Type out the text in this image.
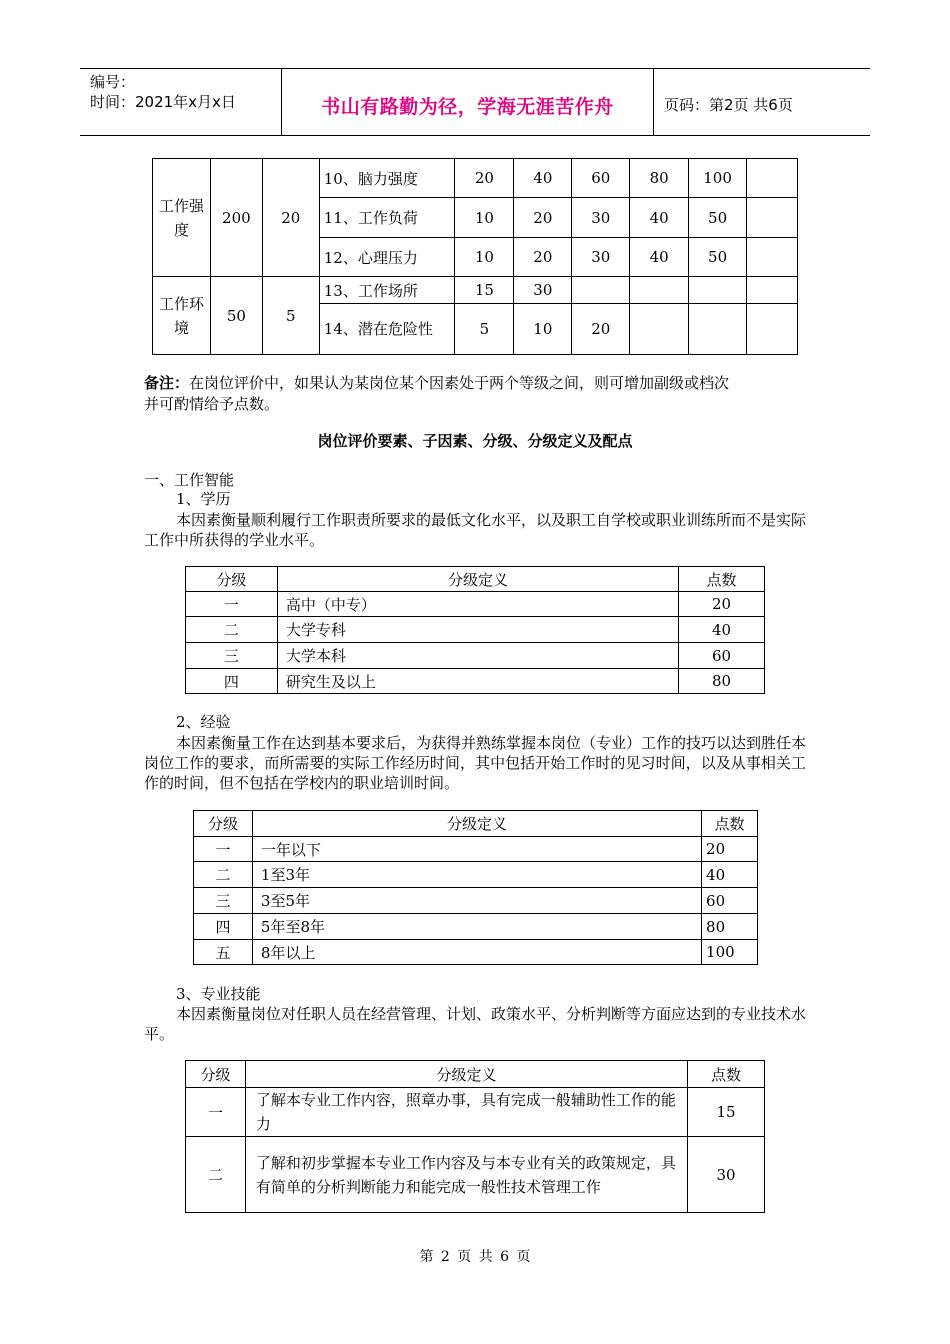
编号：
时间：2021年x月x日	书山有路勤为径，学海无涯苦作舟	页码：第2页 共6页
工作强度	200	20	10、脑力强度	20	40	60	80	100	
			11、工作负荷	10	20	30	40	50	
			12、心理压力	10	20	30	40	50	
工作环境	50	5	13、工作场所	15	30				
			14、潜在危险性	5	10	20			
备注：在岗位评价中，如果认为某岗位某个因素处于两个等级之间，则可增加副级或档次
并可酌情给予点数。
岗位评价要素、子因素、分级、分级定义及配点
一、工作智能
1、学历
本因素衡量顺利履行工作职责所要求的最低文化水平，以及职工自学校或职业训练所而不是实际工作中所获得的学业水平。
分级	分级定义	点数
一	高中（中专）	20
二	大学专科	40
三	大学本科	60
四	研究生及以上	80
2、经验
本因素衡量工作在达到基本要求后，为获得并熟练掌握本岗位（专业）工作的技巧以达到胜任本岗位工作的要求，而所需要的实际工作经历时间，其中包括开始工作时的见习时间，以及从事相关工作的时间，但不包括在学校内的职业培训时间。
分级	分级定义	点数
一	一年以下	20
二	1至3年	40
三	3至5年	60
四	5年至8年	80
五	8年以上	100
3、专业技能
本因素衡量岗位对任职人员在经营管理、计划、政策水平、分析判断等方面应达到的专业技术水平。
分级	分级定义	点数
一	了解本专业工作内容，照章办事，具有完成一般辅助性工作的能力	15
二	了解和初步掌握本专业工作内容及与本专业有关的政策规定，具有简单的分析判断能力和能完成一般性技术管理工作	30
第 2 页 共 6 页
